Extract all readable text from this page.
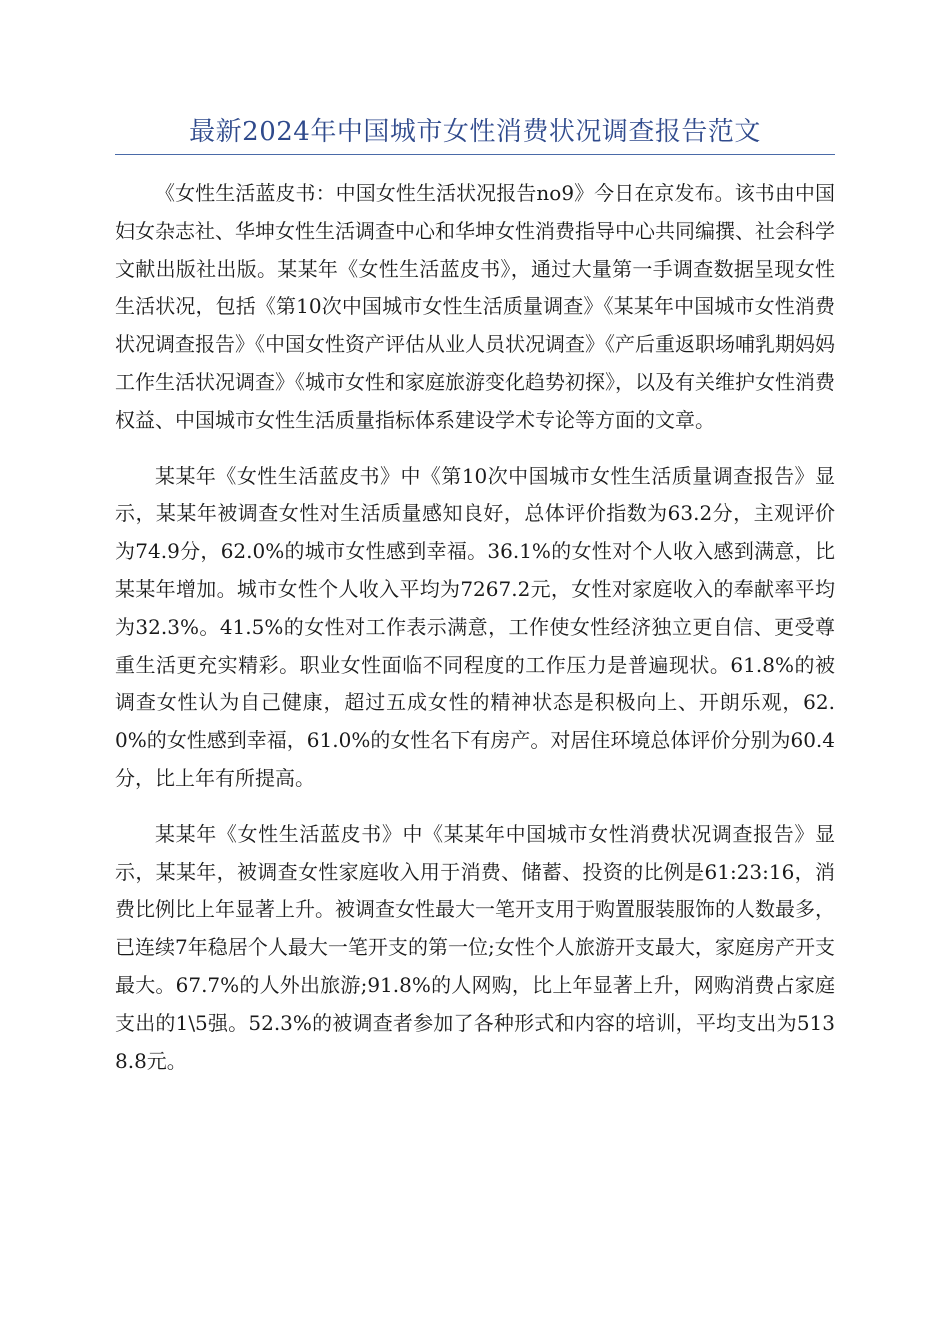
最新2024年中国城市女性消费状况调查报告范文

《女性生活蓝皮书：中国女性生活状况报告no9》今日在京发布。该书由中国妇女杂志社、华坤女性生活调查中心和华坤女性消费指导中心共同编撰、社会科学文献出版社出版。某某年《女性生活蓝皮书》，通过大量第一手调查数据呈现女性生活状况，包括《第10次中国城市女性生活质量调查》《某某年中国城市女性消费状况调查报告》《中国女性资产评估从业人员状况调查》《产后重返职场哺乳期妈妈工作生活状况调查》《城市女性和家庭旅游变化趋势初探》，以及有关维护女性消费权益、中国城市女性生活质量指标体系建设学术专论等方面的文章。

某某年《女性生活蓝皮书》中《第10次中国城市女性生活质量调查报告》显示，某某年被调查女性对生活质量感知良好，总体评价指数为63.2分，主观评价为74.9分，62.0%的城市女性感到幸福。36.1%的女性对个人收入感到满意，比某某年增加。城市女性个人收入平均为7267.2元，女性对家庭收入的奉献率平均为32.3%。41.5%的女性对工作表示满意，工作使女性经济独立更自信、更受尊重生活更充实精彩。职业女性面临不同程度的工作压力是普遍现状。61.8%的被调查女性认为自己健康，超过五成女性的精神状态是积极向上、开朗乐观，62.0%的女性感到幸福，61.0%的女性名下有房产。对居住环境总体评价分别为60.4分，比上年有所提高。

某某年《女性生活蓝皮书》中《某某年中国城市女性消费状况调查报告》显示，某某年，被调查女性家庭收入用于消费、储蓄、投资的比例是61:23:16，消费比例比上年显著上升。被调查女性最大一笔开支用于购置服装服饰的人数最多，已连续7年稳居个人最大一笔开支的第一位;女性个人旅游开支最大，家庭房产开支最大。67.7%的人外出旅游;91.8%的人网购，比上年显著上升，网购消费占家庭支出的1\5强。52.3%的被调查者参加了各种形式和内容的培训，平均支出为5138.8元。
